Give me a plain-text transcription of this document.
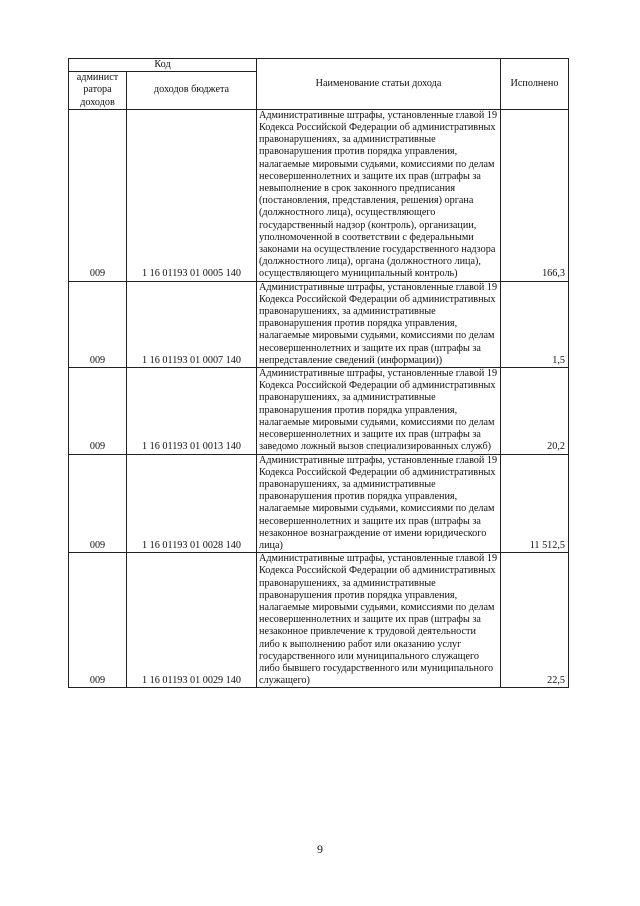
Код		Наименование статьи дохода	Исполнено
админист ратора доходов	доходов бюджета		
009	1 16 01193 01 0005 140	Административные штрафы, установленные главой 19 Кодекса Российской Федерации об административных правонарушениях, за административные правонарушения против порядка управления, налагаемые мировыми судьями, комиссиями по делам несовершеннолетних и защите их прав (штрафы за невыполнение в срок законного предписания (постановления, представления, решения) органа (должностного лица), осуществляющего государственный надзор (контроль), организации, уполномоченной в соответствии с федеральными законами на осуществление государственного надзора (должностного лица), органа (должностного лица), осуществляющего муниципальный контроль)	166,3
009	1 16 01193 01 0007 140	Административные штрафы, установленные главой 19 Кодекса Российской Федерации об административных правонарушениях, за административные правонарушения против порядка управления, налагаемые мировыми судьями, комиссиями по делам несовершеннолетних и защите их прав (штрафы за непредставление сведений (информации))	1,5
009	1 16 01193 01 0013 140	Административные штрафы, установленные главой 19 Кодекса Российской Федерации об административных правонарушениях, за административные правонарушения против порядка управления, налагаемые мировыми судьями, комиссиями по делам несовершеннолетних и защите их прав (штрафы за заведомо ложный вызов специализированных служб)	20,2
009	1 16 01193 01 0028 140	Административные штрафы, установленные главой 19 Кодекса Российской Федерации об административных правонарушениях, за административные правонарушения против порядка управления, налагаемые мировыми судьями, комиссиями по делам несовершеннолетних и защите их прав (штрафы за незаконное вознаграждение от имени юридического лица)	11 512,5
009	1 16 01193 01 0029 140	Административные штрафы, установленные главой 19 Кодекса Российской Федерации об административных правонарушениях, за административные правонарушения против порядка управления, налагаемые мировыми судьями, комиссиями по делам несовершеннолетних и защите их прав (штрафы за незаконное привлечение к трудовой деятельности либо к выполнению работ или оказанию услуг государственного или муниципального служащего либо бывшего государственного или муниципального служащего)	22,5
9
